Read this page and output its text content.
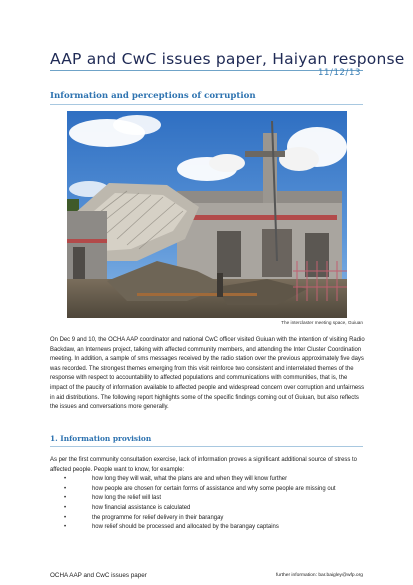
AAP and CwC issues paper, Haiyan response
11/12/13
Information and perceptions of corruption
The interclaster meeting space, Guiuan

On Dec 9 and 10, the OCHA AAP coordinator and national CwC officer visited Guiuan with the intention of visiting Radio Backdaw, an Internews project, talking with affected community members, and attending the Inter Cluster Coordination meeting. In addition, a sample of sms messages received by the radio station over the previous approximately five days was recorded. The strongest themes emerging from this visit reinforce two consistent and interrelated themes of the response with respect to accountability to affected populations and communications with communities, that is, the impact of the paucity of information available to affected people and widespread concern over corruption and unfairness in aid distributions. The following report highlights some of the specific findings coming out of Guiuan, but also reflects the issues and conversations more generally.

1. Information provision

As per the first community consultation exercise, lack of information proves a significant additional source of stress to affected people. People want to know, for example:

•	how long they will wait, what the plans are and when they will know further
•	how people are chosen for certain forms of assistance and why some people are missing out
•	how long the relief will last
•	how financial assistance is calculated
•	the programme for relief delivery in their barangay
•	how relief should be processed and allocated by the barangay captains
OCHA AAP and CwC issues paper	further information: bar.baigley@wfp.org
